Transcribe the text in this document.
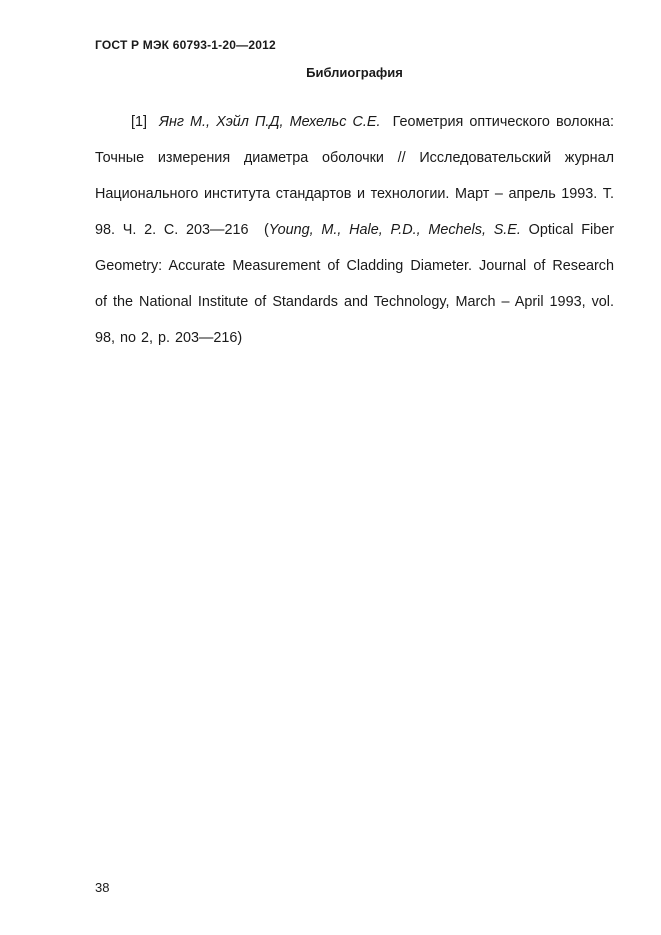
ГОСТ Р МЭК 60793-1-20—2012
Библиография
[1] Янг М., Хэйл П.Д, Мехельс С.Е. Геометрия оптического волокна: Точные измерения диаметра оболочки // Исследовательский журнал Национального института стандартов и технологии. Март – апрель 1993. Т. 98. Ч. 2. С. 203—216 (Young, M., Hale, P.D., Mechels, S.E. Optical Fiber Geometry: Accurate Measurement of Cladding Diameter. Journal of Research of the National Institute of Standards and Technology, March – April 1993, vol. 98, no 2, p. 203—216)
38
